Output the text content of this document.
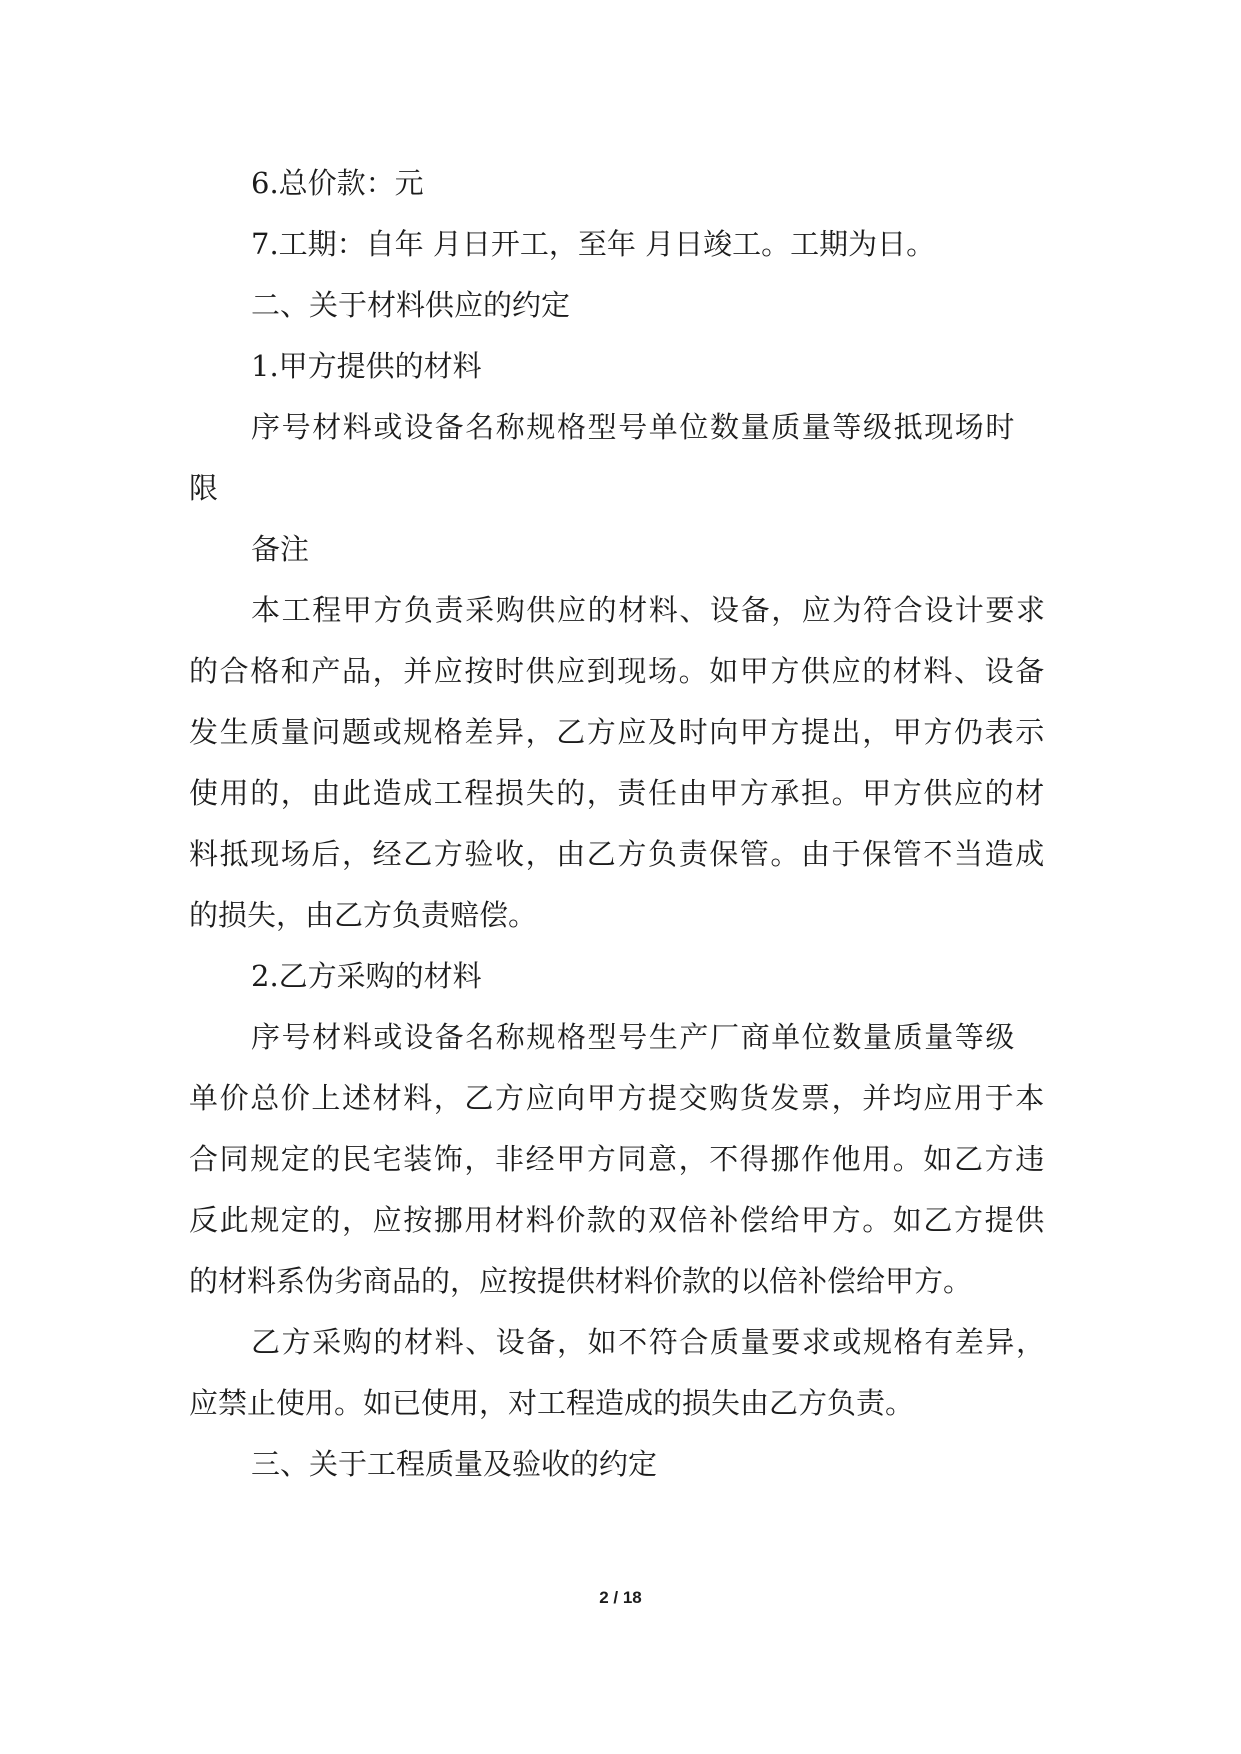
6.总价款：元
7.工期：自年 月日开工，至年 月日竣工。工期为日。
二、关于材料供应的约定
1.甲方提供的材料
序号材料或设备名称规格型号单位数量质量等级抵现场时
限
备注
本工程甲方负责采购供应的材料、设备，应为符合设计要求
的合格和产品，并应按时供应到现场。如甲方供应的材料、设备
发生质量问题或规格差异，乙方应及时向甲方提出，甲方仍表示
使用的，由此造成工程损失的，责任由甲方承担。甲方供应的材
料抵现场后，经乙方验收，由乙方负责保管。由于保管不当造成
的损失，由乙方负责赔偿。
2.乙方采购的材料
序号材料或设备名称规格型号生产厂商单位数量质量等级
单价总价上述材料，乙方应向甲方提交购货发票，并均应用于本
合同规定的民宅装饰，非经甲方同意，不得挪作他用。如乙方违
反此规定的，应按挪用材料价款的双倍补偿给甲方。如乙方提供
的材料系伪劣商品的，应按提供材料价款的以倍补偿给甲方。
乙方采购的材料、设备，如不符合质量要求或规格有差异，
应禁止使用。如已使用，对工程造成的损失由乙方负责。
三、关于工程质量及验收的约定
2 / 18
